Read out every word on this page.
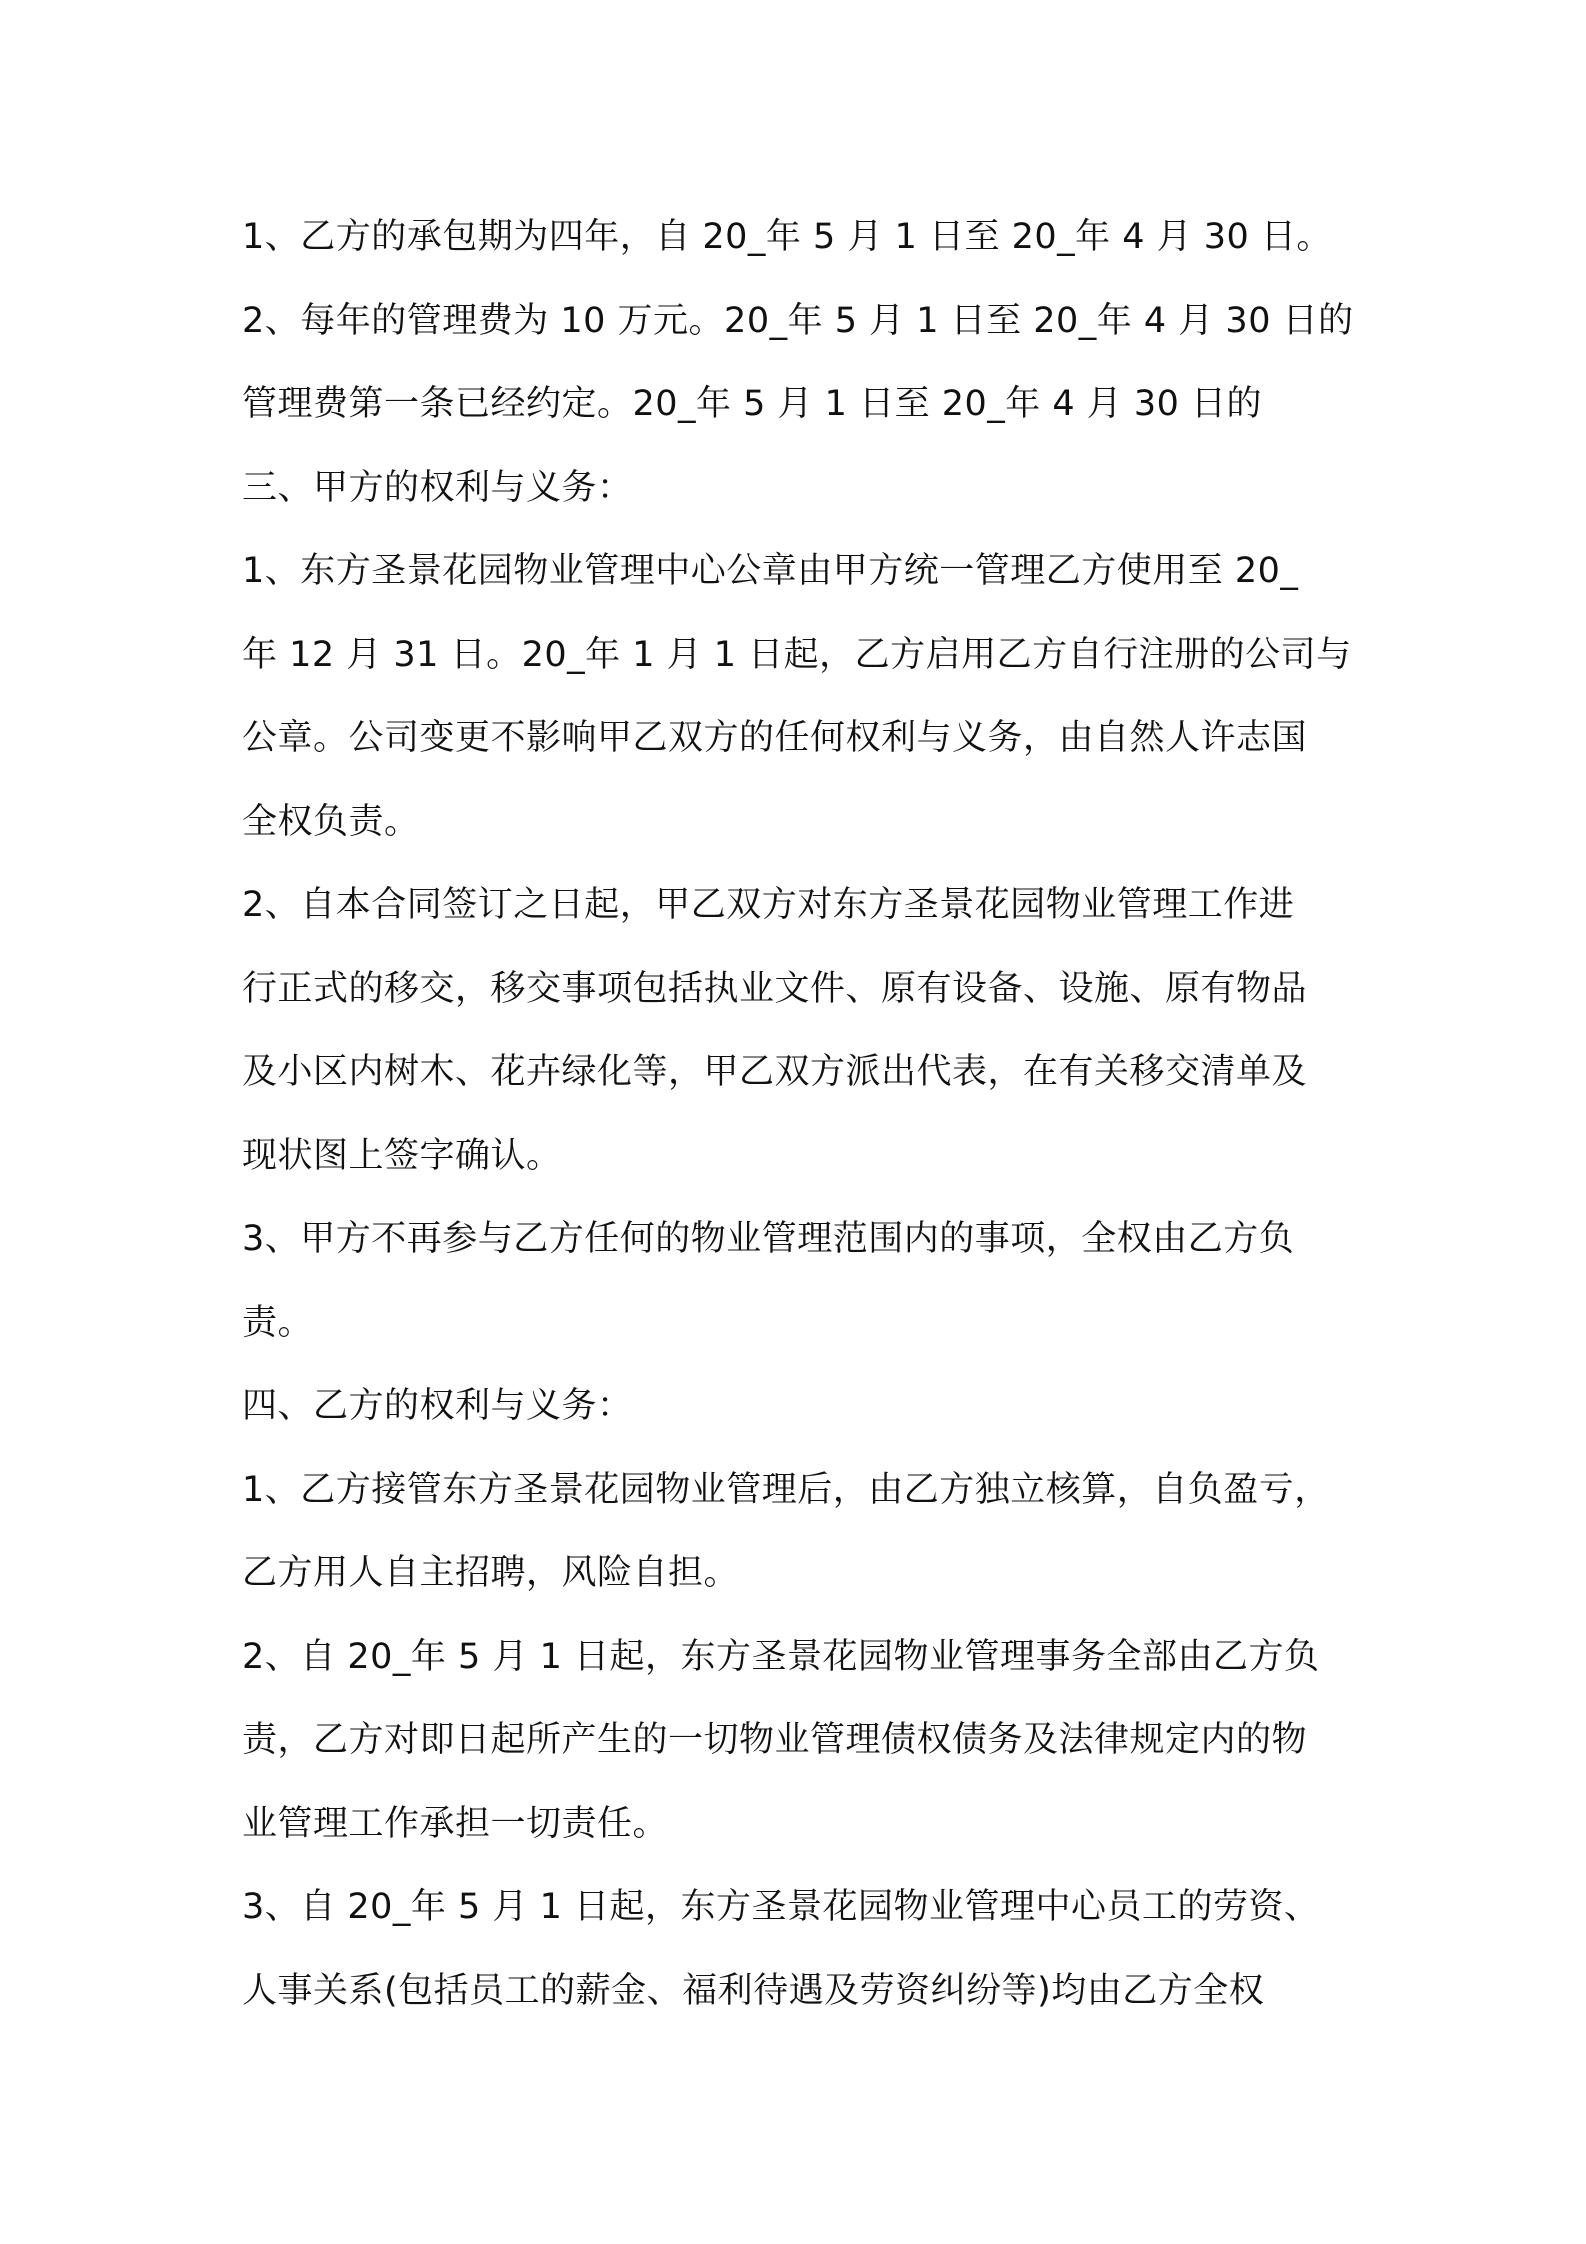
1、乙方的承包期为四年，自 20_年 5 月 1 日至 20_年 4 月 30 日。
2、每年的管理费为 10 万元。20_年 5 月 1 日至 20_年 4 月 30 日的
管理费第一条已经约定。20_年 5 月 1 日至 20_年 4 月 30 日的
三、甲方的权利与义务：
1、东方圣景花园物业管理中心公章由甲方统一管理乙方使用至 20_
年 12 月 31 日。20_年 1 月 1 日起，乙方启用乙方自行注册的公司与
公章。公司变更不影响甲乙双方的任何权利与义务，由自然人许志国
全权负责。
2、自本合同签订之日起，甲乙双方对东方圣景花园物业管理工作进
行正式的移交，移交事项包括执业文件、原有设备、设施、原有物品
及小区内树木、花卉绿化等，甲乙双方派出代表，在有关移交清单及
现状图上签字确认。
3、甲方不再参与乙方任何的物业管理范围内的事项，全权由乙方负
责。
四、乙方的权利与义务：
1、乙方接管东方圣景花园物业管理后，由乙方独立核算，自负盈亏，
乙方用人自主招聘，风险自担。
2、自 20_年 5 月 1 日起，东方圣景花园物业管理事务全部由乙方负
责，乙方对即日起所产生的一切物业管理债权债务及法律规定内的物
业管理工作承担一切责任。
3、自 20_年 5 月 1 日起，东方圣景花园物业管理中心员工的劳资、
人事关系(包括员工的薪金、福利待遇及劳资纠纷等)均由乙方全权
